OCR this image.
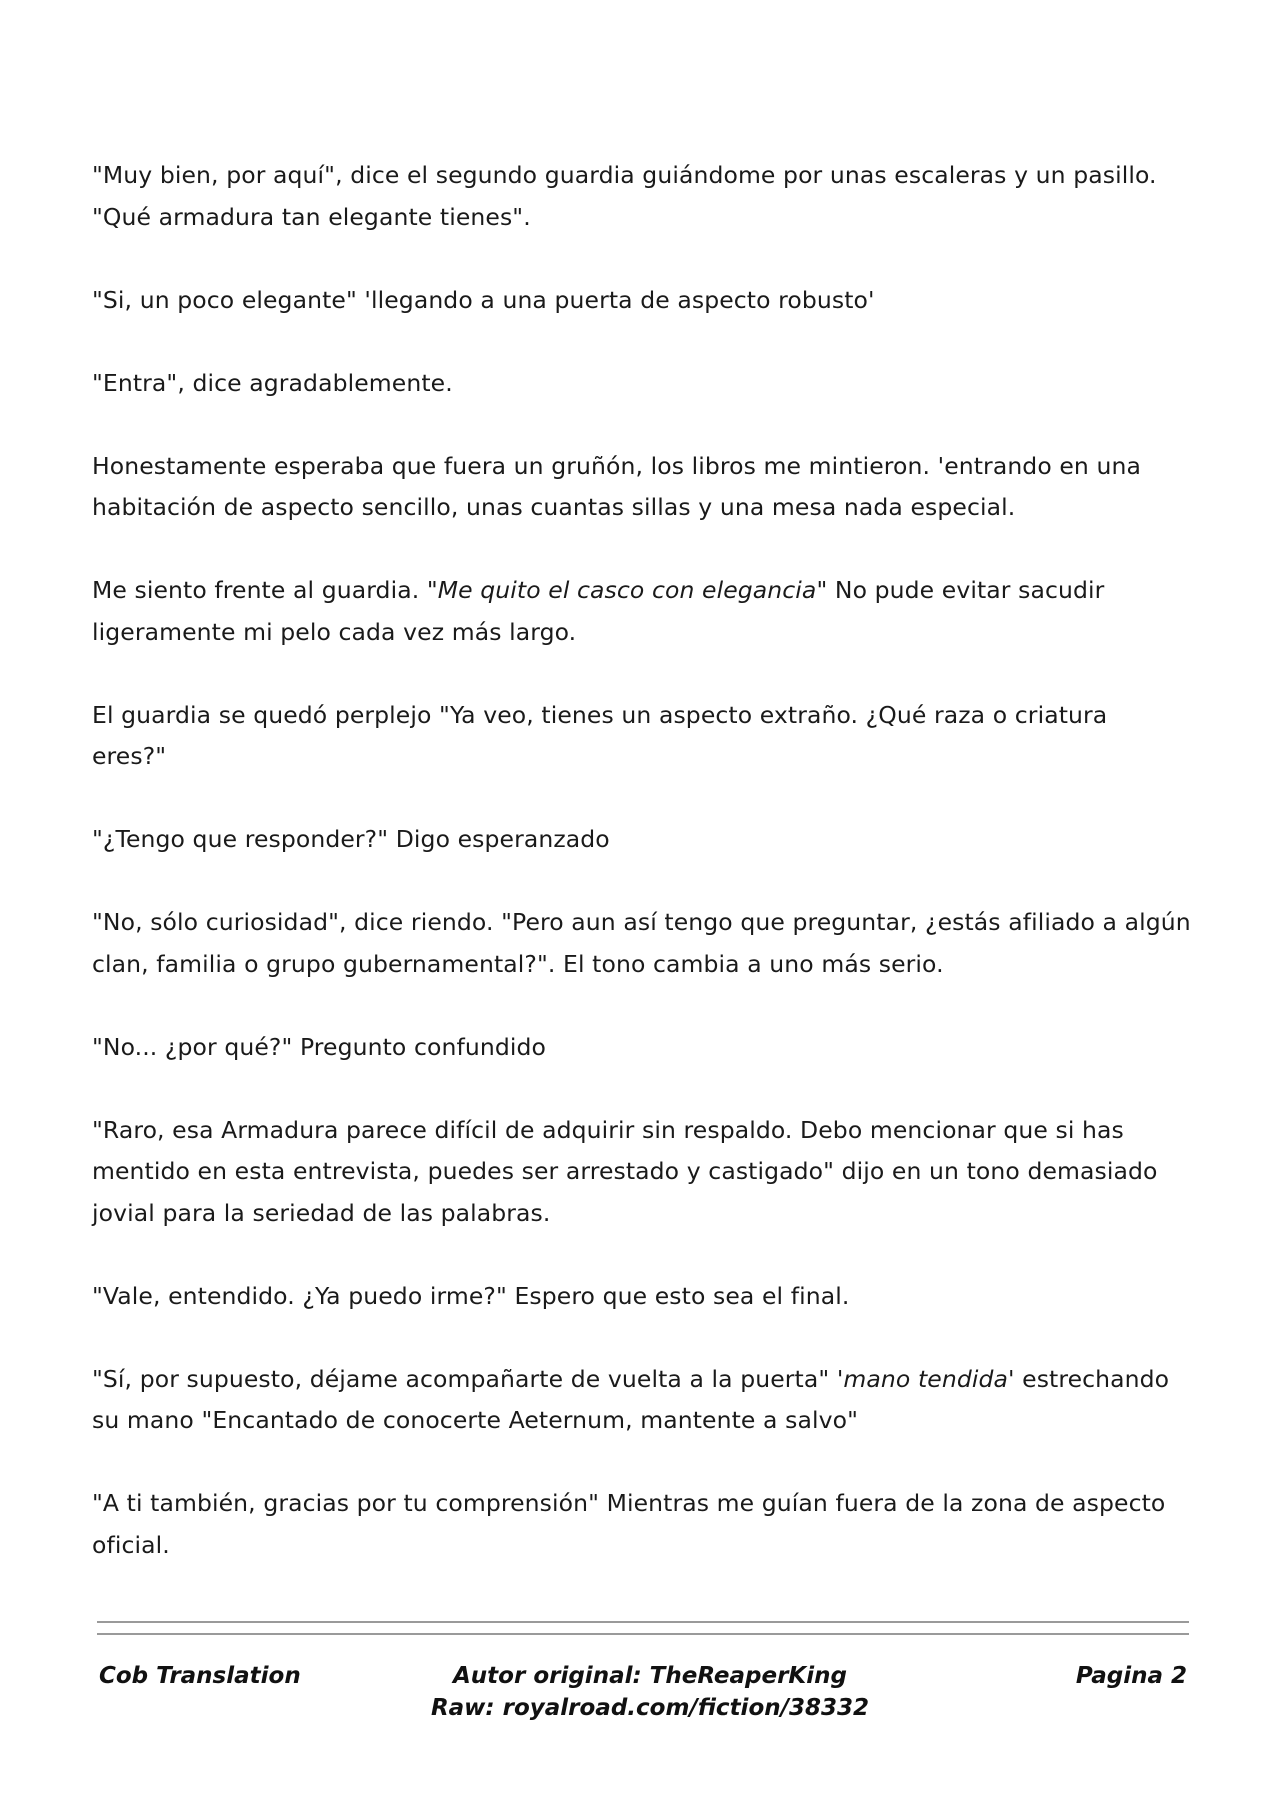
"Muy bien, por aquí", dice el segundo guardia guiándome por unas escaleras y un pasillo.
"Qué armadura tan elegante tienes".

"Si, un poco elegante" 'llegando a una puerta de aspecto robusto'

"Entra", dice agradablemente.

Honestamente esperaba que fuera un gruñón, los libros me mintieron. 'entrando en una
habitación de aspecto sencillo, unas cuantas sillas y una mesa nada especial.

Me siento frente al guardia. "Me quito el casco con elegancia" No pude evitar sacudir
ligeramente mi pelo cada vez más largo.

El guardia se quedó perplejo "Ya veo, tienes un aspecto extraño. ¿Qué raza o criatura
eres?"

"¿Tengo que responder?" Digo esperanzado

"No, sólo curiosidad", dice riendo. "Pero aun así tengo que preguntar, ¿estás afiliado a algún
clan, familia o grupo gubernamental?". El tono cambia a uno más serio.

"No... ¿por qué?" Pregunto confundido

"Raro, esa Armadura parece difícil de adquirir sin respaldo. Debo mencionar que si has
mentido en esta entrevista, puedes ser arrestado y castigado" dijo en un tono demasiado
jovial para la seriedad de las palabras.

"Vale, entendido. ¿Ya puedo irme?" Espero que esto sea el final.

"Sí, por supuesto, déjame acompañarte de vuelta a la puerta" 'mano tendida' estrechando
su mano "Encantado de conocerte Aeternum, mantente a salvo"

"A ti también, gracias por tu comprensión" Mientras me guían fuera de la zona de aspecto
oficial.

Cob Translation	Autor original: TheReaperKing
Raw: royalroad.com/fiction/38332
Pagina 2
